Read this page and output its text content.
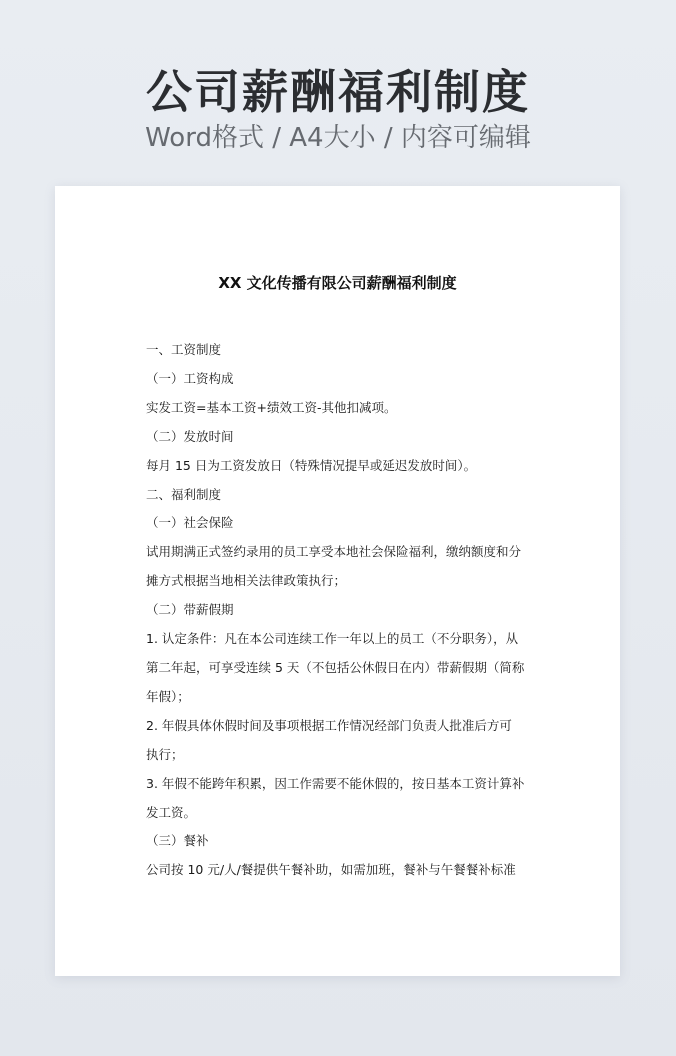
公司薪酬福利制度
Word格式 / A4大小 / 内容可编辑
XX 文化传播有限公司薪酬福利制度
一、工资制度
（一）工资构成
实发工资=基本工资+绩效工资-其他扣减项。
（二）发放时间
每月 15 日为工资发放日（特殊情况提早或延迟发放时间）。
二、福利制度
（一）社会保险
试用期满正式签约录用的员工享受本地社会保险福利，缴纳额度和分
摊方式根据当地相关法律政策执行；
（二）带薪假期
1. 认定条件：凡在本公司连续工作一年以上的员工（不分职务），从
第二年起，可享受连续 5 天（不包括公休假日在内）带薪假期（简称
年假）；
2. 年假具体休假时间及事项根据工作情况经部门负责人批准后方可
执行；
3. 年假不能跨年积累，因工作需要不能休假的，按日基本工资计算补
发工资。
（三）餐补
公司按 10 元/人/餐提供午餐补助，如需加班，餐补与午餐餐补标准
